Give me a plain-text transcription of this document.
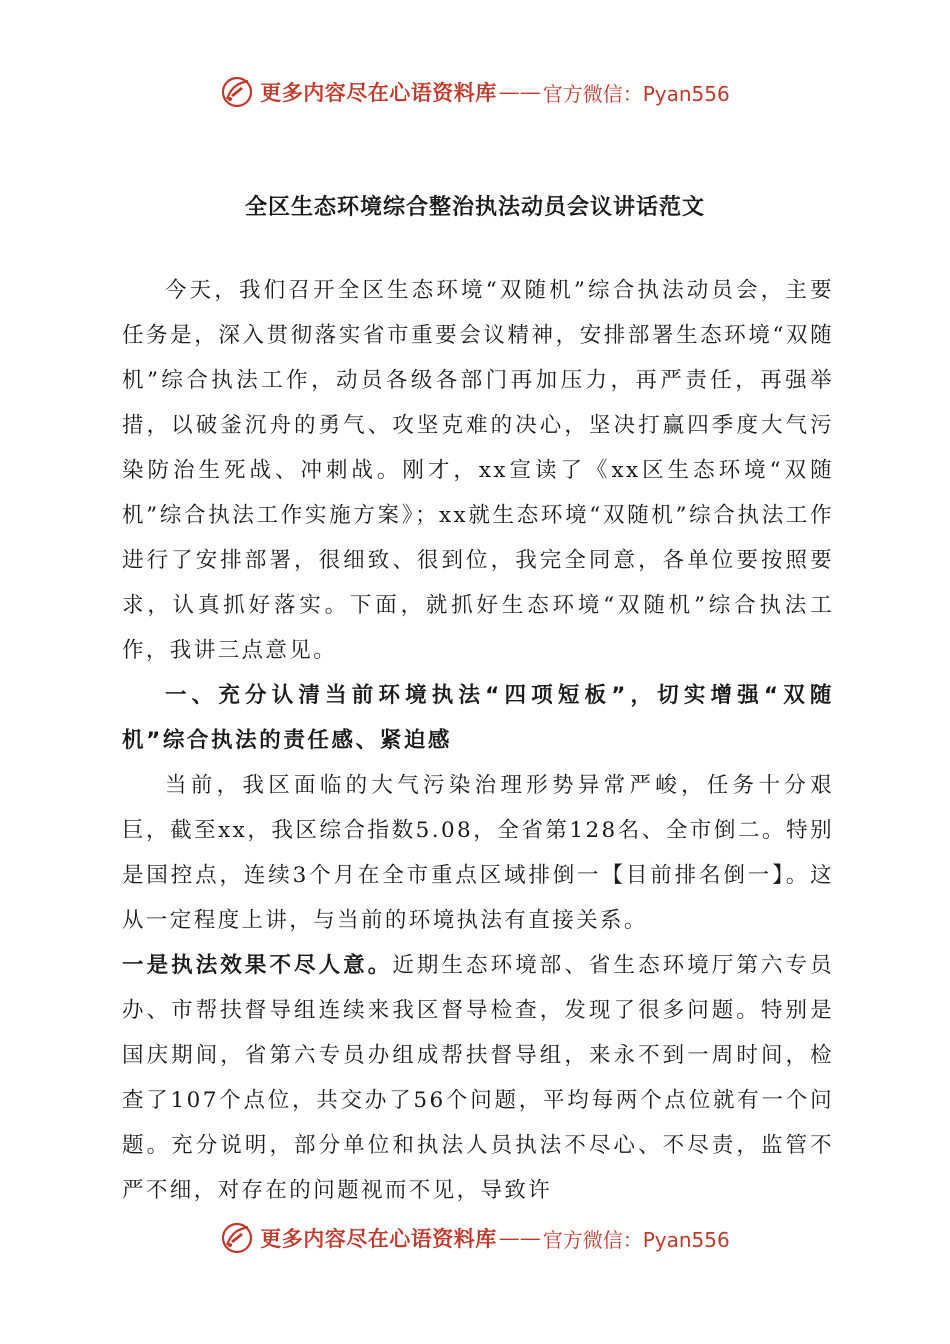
更多内容尽在心语资料库 —— 官方微信：Pyan556
全区生态环境综合整治执法动员会议讲话范文

今天，我们召开全区生态环境“双随机”综合执法动员会，主要任务是，深入贯彻落实省市重要会议精神，安排部署生态环境“双随机”综合执法工作，动员各级各部门再加压力，再严责任，再强举措，以破釜沉舟的勇气、攻坚克难的决心，坚决打赢四季度大气污染防治生死战、冲刺战。刚才，xx宣读了《xx区生态环境“双随机”综合执法工作实施方案》；xx就生态环境“双随机”综合执法工作进行了安排部署，很细致、很到位，我完全同意，各单位要按照要求，认真抓好落实。下面，就抓好生态环境“双随机”综合执法工作，我讲三点意见。

一、充分认清当前环境执法“四项短板”，切实增强“双随机”综合执法的责任感、紧迫感

当前，我区面临的大气污染治理形势异常严峻，任务十分艰巨，截至xx，我区综合指数5.08，全省第128名、全市倒二。特别是国控点，连续3个月在全市重点区域排倒一【目前排名倒一】。这从一定程度上讲，与当前的环境执法有直接关系。

一是执法效果不尽人意。近期生态环境部、省生态环境厅第六专员办、市帮扶督导组连续来我区督导检查，发现了很多问题。特别是国庆期间，省第六专员办组成帮扶督导组，来永不到一周时间，检查了107个点位，共交办了56个问题，平均每两个点位就有一个问题。充分说明，部分单位和执法人员执法不尽心、不尽责，监管不严不细，对存在的问题视而不见，导致许

更多内容尽在心语资料库 —— 官方微信：Pyan556
